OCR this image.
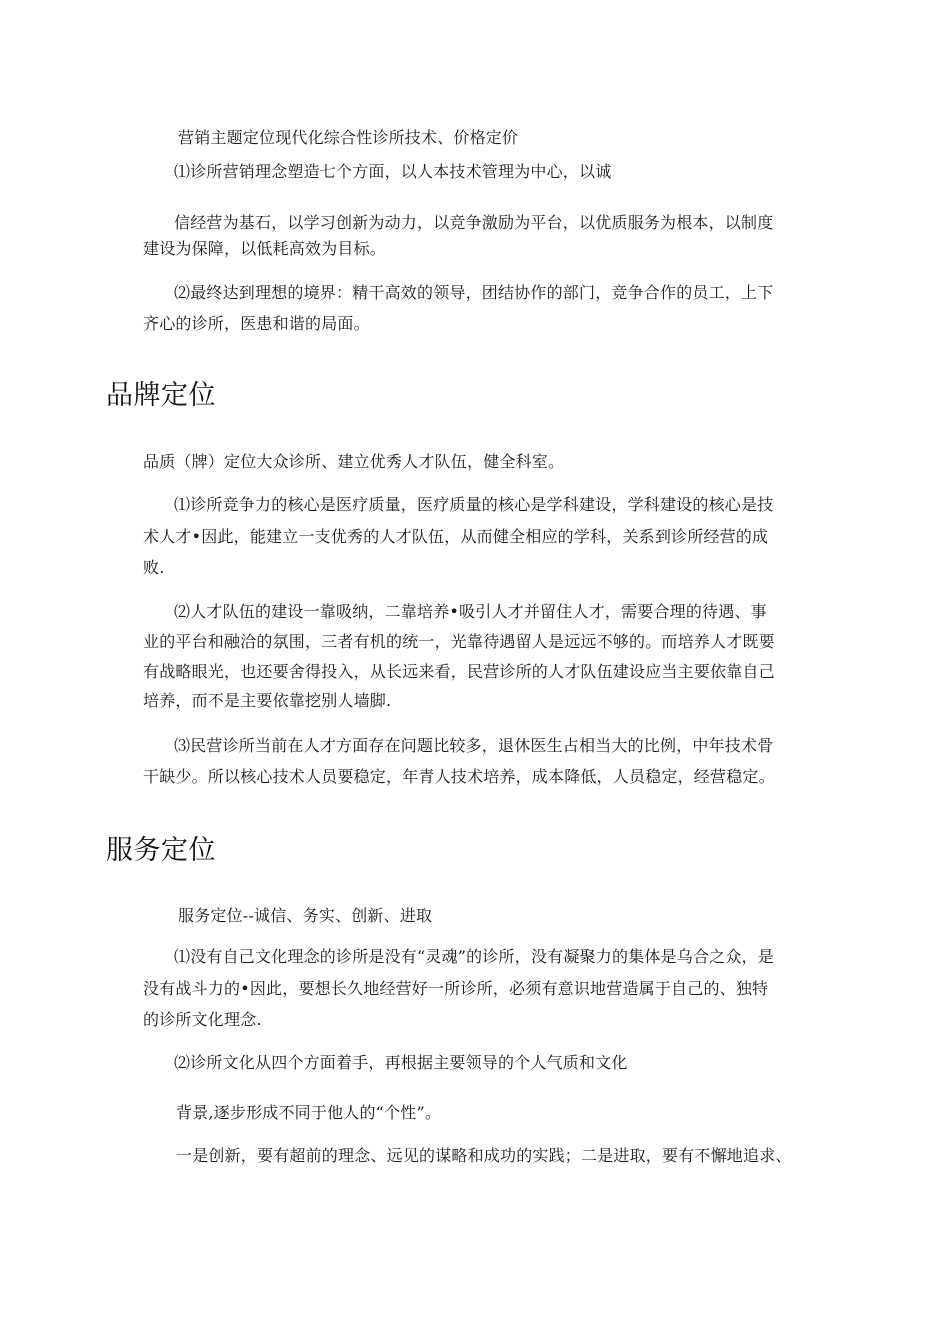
营销主题定位现代化综合性诊所技术、价格定价
⑴诊所营销理念塑造七个方面，以人本技术管理为中心，以诚
信经营为基石，以学习创新为动力，以竞争激励为平台，以优质服务为根本，以制度
建设为保障，以低耗高效为目标。
⑵最终达到理想的境界：精干高效的领导，团结协作的部门，竞争合作的员工，上下
齐心的诊所，医患和谐的局面。
品牌定位
品质（牌）定位大众诊所、建立优秀人才队伍，健全科室。
⑴诊所竞争力的核心是医疗质量，医疗质量的核心是学科建设，学科建设的核心是技
术人才•因此，能建立一支优秀的人才队伍，从而健全相应的学科，关系到诊所经营的成
败.
⑵人才队伍的建设一靠吸纳，二靠培养•吸引人才并留住人才，需要合理的待遇、事
业的平台和融洽的氛围，三者有机的统一，光靠待遇留人是远远不够的。而培养人才既要
有战略眼光，也还要舍得投入，从长远来看，民营诊所的人才队伍建设应当主要依靠自己
培养，而不是主要依靠挖别人墙脚.
⑶民营诊所当前在人才方面存在问题比较多，退休医生占相当大的比例，中年技术骨
干缺少。所以核心技术人员要稳定，年青人技术培养，成本降低，人员稳定，经营稳定。
服务定位
服务定位--诚信、务实、创新、进取
⑴没有自己文化理念的诊所是没有“灵魂”的诊所，没有凝聚力的集体是乌合之众，是
没有战斗力的•因此，要想长久地经营好一所诊所，必须有意识地营造属于自己的、独特
的诊所文化理念.
⑵诊所文化从四个方面着手，再根据主要领导的个人气质和文化
背景,逐步形成不同于他人的“个性”。
一是创新，要有超前的理念、远见的谋略和成功的实践；二是进取，要有不懈地追求、
